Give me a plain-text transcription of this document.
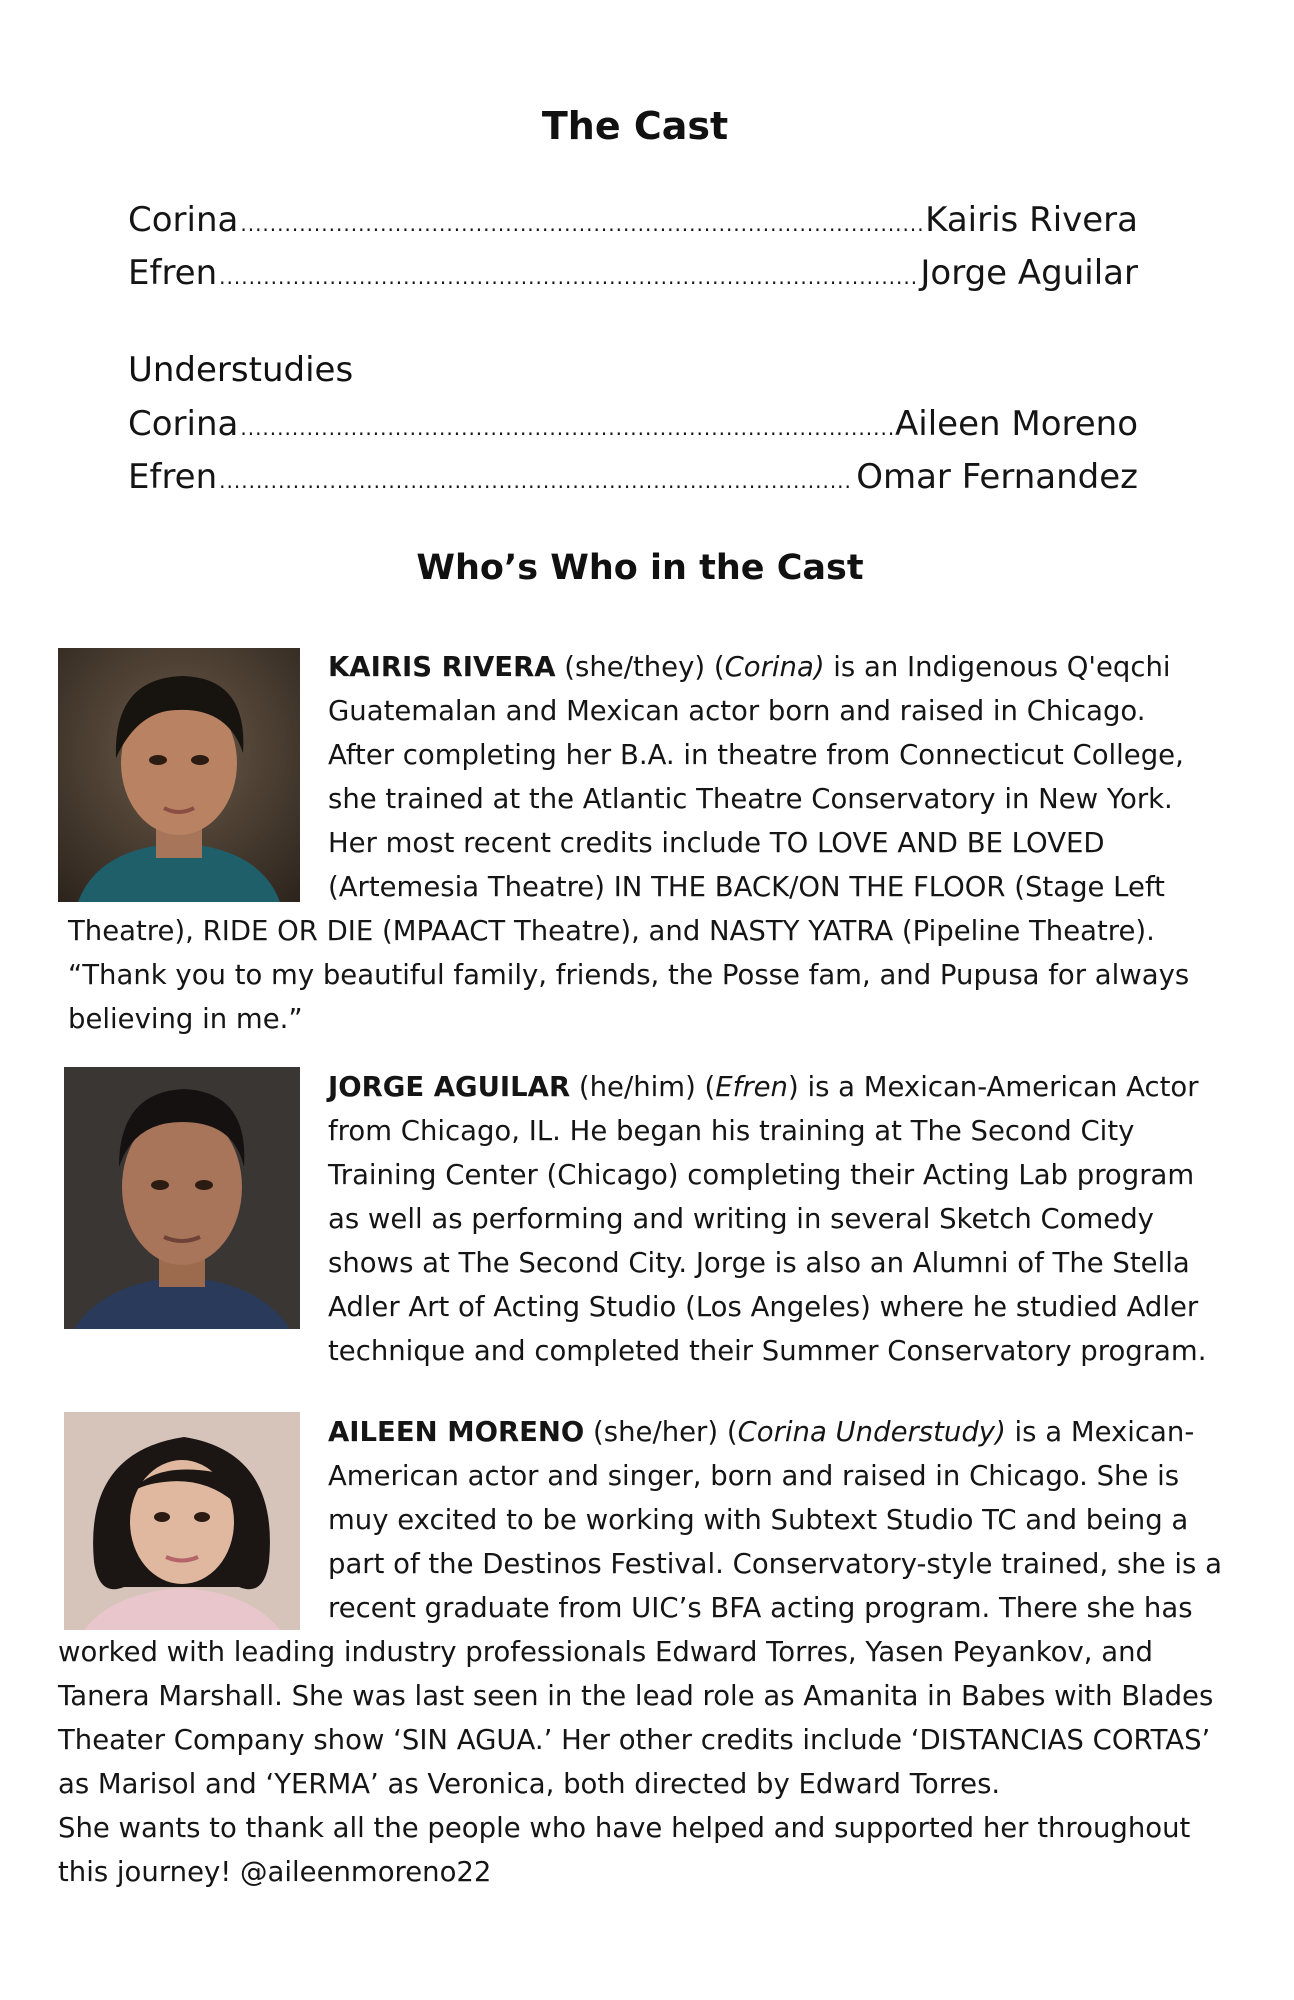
The Cast
Corina .....	Kairis Rivera
Efren .....	Jorge Aguilar
Understudies
Corina .....	Aileen Moreno
Efren .....	Omar Fernandez
Who’s Who in the Cast
KAIRIS RIVERA (she/they) (Corina) is an Indigenous Q'eqchi
Guatemalan and Mexican actor born and raised in Chicago.
After completing her B.A. in theatre from Connecticut College,
she trained at the Atlantic Theatre Conservatory in New York.
Her most recent credits include TO LOVE AND BE LOVED
(Artemesia Theatre) IN THE BACK/ON THE FLOOR (Stage Left
Theatre), RIDE OR DIE (MPAACT Theatre), and NASTY YATRA (Pipeline Theatre).
“Thank you to my beautiful family, friends, the Posse fam, and Pupusa for always
believing in me.”
JORGE AGUILAR (he/him) (Efren) is a Mexican-American Actor
from Chicago, IL. He began his training at The Second City
Training Center (Chicago) completing their Acting Lab program
as well as performing and writing in several Sketch Comedy
shows at The Second City. Jorge is also an Alumni of The Stella
Adler Art of Acting Studio (Los Angeles) where he studied Adler
technique and completed their Summer Conservatory program.
AILEEN MORENO (she/her) (Corina Understudy) is a Mexican-
American actor and singer, born and raised in Chicago. She is
muy excited to be working with Subtext Studio TC and being a
part of the Destinos Festival. Conservatory-style trained, she is a
recent graduate from UIC’s BFA acting program. There she has
worked with leading industry professionals Edward Torres, Yasen Peyankov, and
Tanera Marshall. She was last seen in the lead role as Amanita in Babes with Blades
Theater Company show ‘SIN AGUA.’ Her other credits include ‘DISTANCIAS CORTAS’
as Marisol and ‘YERMA’ as Veronica, both directed by Edward Torres.
She wants to thank all the people who have helped and supported her throughout
this journey! @aileenmoreno22
